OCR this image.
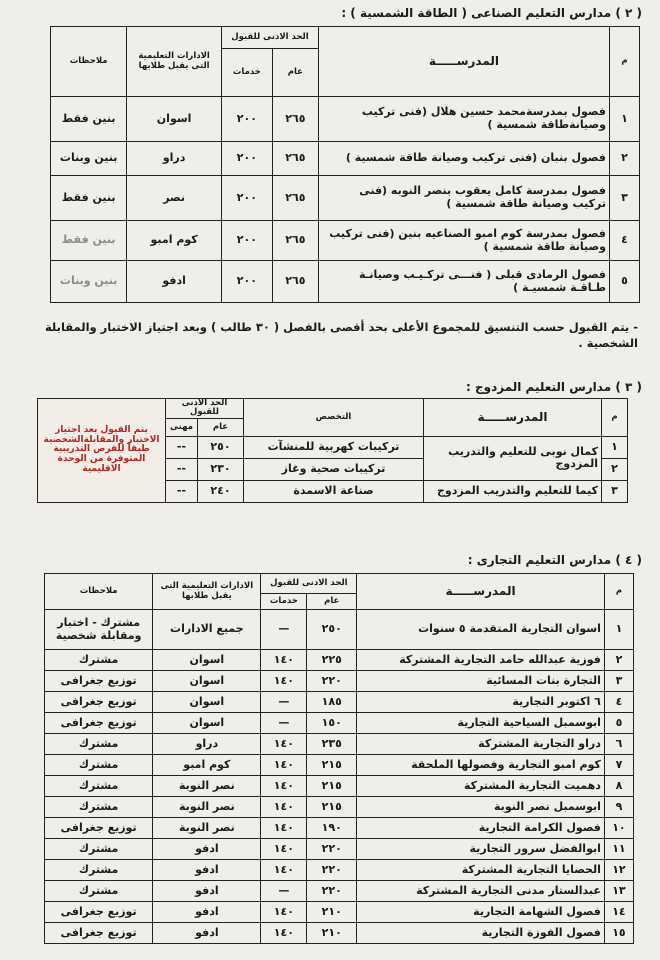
( ٢ ) مدارس التعليم الصناعى ( الطاقة الشمسية ) :
م	المدرســـــة	الحد الادنى للقبول		الادارات التعليمية التى يقبل طلابها	ملاحظات
		عام	خدمات		
١	فصول بمدرسةمحمد حسين هلال (فنى تركيب وصيانةطاقة شمسية )	٢٦٥	٢٠٠	اسوان	بنين فقط
٢	فصول بنبان (فنى تركيب وصيانة طاقة شمسية )	٢٦٥	٢٠٠	دراو	بنين وبنات
٣	فصول بمدرسة كامل يعقوب بنصر النوبه (فنى تركيب وصيانة طاقة شمسية )	٢٦٥	٢٠٠	نصر	بنين فقط
٤	فصول بمدرسة كوم امبو الصناعيه بنين (فنى تركيب وصيانة طاقة شمسية )	٢٦٥	٢٠٠	كوم امبو	بنين فقط
٥	فصول الرمادى قبلى ( فنـــى تركـيـب وصيانـة طـاقـة شمسيـة )	٢٦٥	٢٠٠	ادفو	بنين وبنات
- يتم القبول حسب التنسيق للمجموع الأعلى بحد أقصى بالفصل ( ٣٠ طالب ) وبعد اجتياز الاختبار والمقابلة الشخصية .
( ٣ ) مدارس التعليم المزدوج :
م	المدرســـــة	التخصص	الحد الادنى للقبول		يتم القبول بعد اجتياز الاختبار والمقابلةالشخصية طبقاً للفرص التدريبية المتوفرة من الوحدة الاقليمية
			عام	مهنى	
١	كمال نوبى للتعليم والتدريب المزدوج	تركيبات كهربية للمنشآت	٢٥٠	--	
٢		تركيبات صحية وغاز	٢٣٠	--	
٣	كيما للتعليم والتدريب المزدوج	صناعة الاسمدة	٢٤٠	--	
( ٤ ) مدارس التعليم التجارى :
م	المدرســـــة	الحد الادنى للقبول		الادارات التعليمية التى يقبل طلابها	ملاحظات
		عام	خدمات		
١	اسوان التجارية المتقدمة ٥ سنوات	٢٥٠	—	جميع الادارات	مشترك - اختبار ومقابلة شخصية
٢	فوزية عبدالله حامد التجارية المشتركة	٢٢٥	١٤٠	اسوان	مشترك
٣	التجارة بنات المسائية	٢٢٠	١٤٠	اسوان	توزيع جغرافى
٤	٦ اكتوبر التجارية	١٨٥	—	اسوان	توزيع جغرافى
٥	ابوسمبل السياحية التجارية	١٥٠	—	اسوان	توزيع جغرافى
٦	دراو التجارية المشتركة	٢٣٥	١٤٠	دراو	مشترك
٧	كوم امبو التجارية وفصولها الملحقة	٢١٥	١٤٠	كوم امبو	مشترك
٨	دهميت التجارية المشتركة	٢١٥	١٤٠	نصر النوبة	مشترك
٩	ابوسمبل نصر النوبة	٢١٥	١٤٠	نصر النوبة	مشترك
١٠	فصول الكرامة التجارية	١٩٠	١٤٠	نصر النوبة	توزيع جغرافى
١١	ابوالفضل سرور التجارية	٢٢٠	١٤٠	ادفو	مشترك
١٢	الحصايا التجارية المشتركة	٢٢٠	١٤٠	ادفو	مشترك
١٣	عبدالستار مدنى التجارية المشتركة	٢٢٠	—	ادفو	مشترك
١٤	فصول الشهامة التجارية	٢١٠	١٤٠	ادفو	توزيع جغرافى
١٥	فصول الفوزة التجارية	٢١٠	١٤٠	ادفو	توزيع جغرافى
